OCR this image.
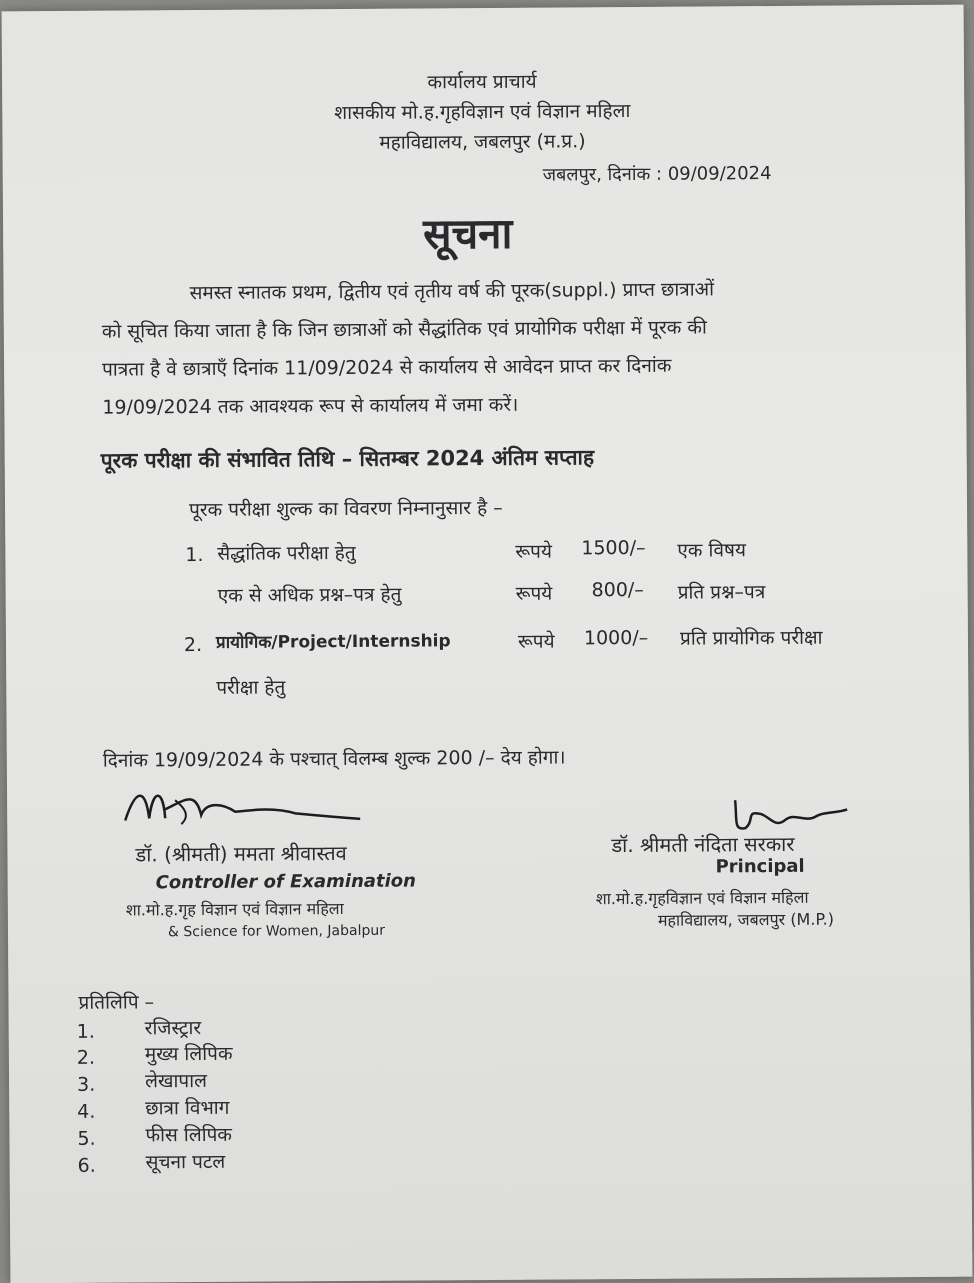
कार्यालय प्राचार्य
शासकीय मो.ह.गृहविज्ञान एवं विज्ञान महिला
महाविद्यालय, जबलपुर (म.प्र.)
जबलपुर, दिनांक : 09/09/2024
सूचना
समस्त स्नातक प्रथम, द्वितीय एवं तृतीय वर्ष की पूरक(suppl.) प्राप्त छात्राओं
को सूचित किया जाता है कि जिन छात्राओं को सैद्धांतिक एवं प्रायोगिक परीक्षा में पूरक की
पात्रता है वे छात्राएँ दिनांक 11/09/2024 से कार्यालय से आवेदन प्राप्त कर दिनांक
19/09/2024 तक आवश्यक रूप से कार्यालय में जमा करें।
पूरक परीक्षा की संभावित तिथि – सितम्बर 2024 अंतिम सप्ताह
पूरक परीक्षा शुल्क का विवरण निम्नानुसार है –
1. सैद्धांतिक परीक्षा हेतु	रूपये 1500/– एक विषय
एक से अधिक प्रश्न–पत्र हेतु	रूपये 800/– प्रति प्रश्न–पत्र
2. प्रायोगिक/Project/Internship	रूपये 1000/– प्रति प्रायोगिक परीक्षा
परीक्षा हेतु
दिनांक 19/09/2024 के पश्चात् विलम्ब शुल्क 200 /– देय होगा।
डॉ. (श्रीमती) ममता श्रीवास्तव
Controller of Examination
शा.मो.ह.गृह विज्ञान एवं विज्ञान महिला
& Science for Women, Jabalpur
डॉ. श्रीमती नंदिता सरकार
Principal
शा.मो.ह.गृहविज्ञान एवं विज्ञान महिला
महाविद्यालय, जबलपुर (M.P.)
प्रतिलिपि –
1.	रजिस्ट्रार
2.	मुख्य लिपिक
3.	लेखापाल
4.	छात्रा विभाग
5.	फीस लिपिक
6.	सूचना पटल
